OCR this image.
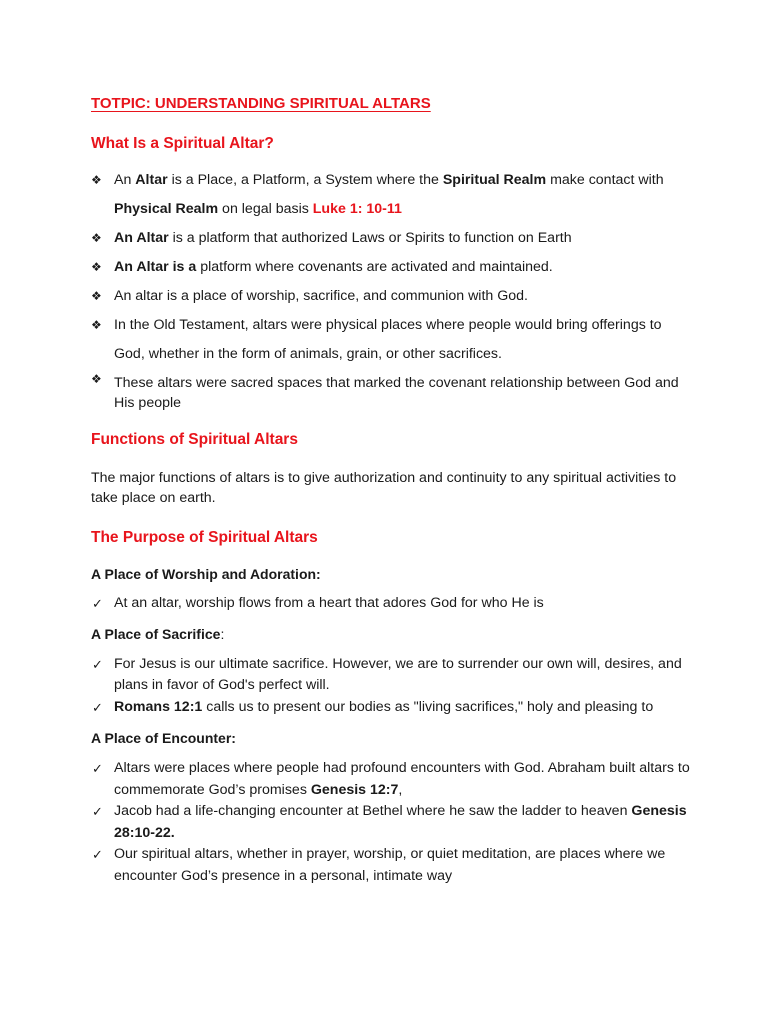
TOTPIC: UNDERSTANDING SPIRITUAL ALTARS

What Is a Spiritual Altar?
❖ An Altar is a Place, a Platform, a System where the Spiritual Realm make contact with Physical Realm on legal basis Luke 1: 10-11
❖ An Altar is a platform that authorized Laws or Spirits to function on Earth
❖ An Altar is a platform where covenants are activated and maintained.
❖ An altar is a place of worship, sacrifice, and communion with God.
❖ In the Old Testament, altars were physical places where people would bring offerings to God, whether in the form of animals, grain, or other sacrifices.
❖ These altars were sacred spaces that marked the covenant relationship between God and His people
Functions of Spiritual Altars

The major functions of altars is to give authorization and continuity to any spiritual activities to take place on earth.

The Purpose of Spiritual Altars
A Place of Worship and Adoration:
✓ At an altar, worship flows from a heart that adores God for who He is
A Place of Sacrifice:
✓ For Jesus is our ultimate sacrifice. However, we are to surrender our own will, desires, and plans in favor of God's perfect will.
✓ Romans 12:1 calls us to present our bodies as "living sacrifices," holy and pleasing to
A Place of Encounter:
✓ Altars were places where people had profound encounters with God. Abraham built altars to commemorate God’s promises Genesis 12:7,
✓ Jacob had a life-changing encounter at Bethel where he saw the ladder to heaven Genesis 28:10-22.
✓ Our spiritual altars, whether in prayer, worship, or quiet meditation, are places where we encounter God’s presence in a personal, intimate way
